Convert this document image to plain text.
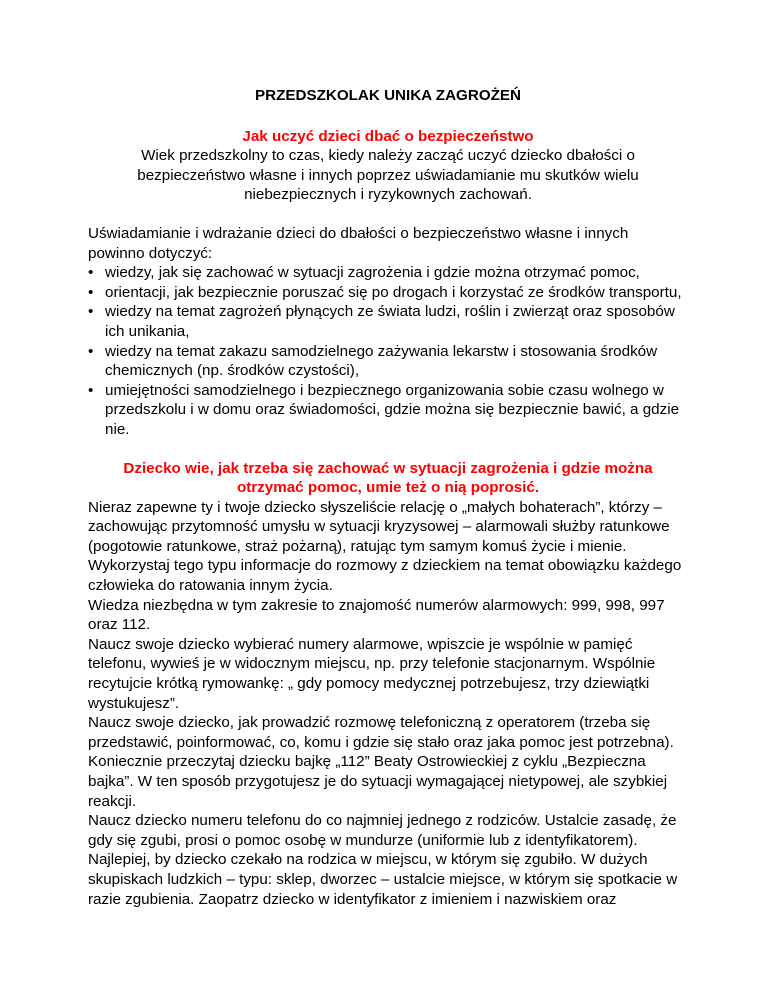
PRZEDSZKOLAK UNIKA ZAGROŻEŃ

Jak uczyć dzieci dbać o bezpieczeństwo

Wiek przedszkolny to czas, kiedy należy zacząć uczyć dziecko dbałości o bezpieczeństwo własne i innych poprzez uświadamianie mu skutków wielu niebezpiecznych i ryzykownych zachowań.

Uświadamianie i wdrażanie dzieci do dbałości o bezpieczeństwo własne i innych powinno dotyczyć:

• wiedzy, jak się zachować w sytuacji zagrożenia i gdzie można otrzymać pomoc,
• orientacji, jak bezpiecznie poruszać się po drogach i korzystać ze środków transportu,
• wiedzy na temat zagrożeń płynących ze świata ludzi, roślin i zwierząt oraz sposobów ich unikania,
• wiedzy na temat zakazu samodzielnego zażywania lekarstw i stosowania środków chemicznych (np. środków czystości),
• umiejętności samodzielnego i bezpiecznego organizowania sobie czasu wolnego w przedszkolu i w domu oraz świadomości, gdzie można się bezpiecznie bawić, a gdzie nie.

Dziecko wie, jak trzeba się zachować w sytuacji zagrożenia i gdzie można otrzymać pomoc, umie też o nią poprosić.

Nieraz zapewne ty i twoje dziecko słyszeliście relację o „małych bohaterach”, którzy – zachowując przytomność umysłu w sytuacji kryzysowej – alarmowali służby ratunkowe (pogotowie ratunkowe, straż pożarną), ratując tym samym komuś życie i mienie. Wykorzystaj tego typu informacje do rozmowy z dzieckiem na temat obowiązku każdego człowieka do ratowania innym życia.

Wiedza niezbędna w tym zakresie to znajomość numerów alarmowych: 999, 998, 997 oraz 112.

Naucz swoje dziecko wybierać numery alarmowe, wpiszcie je wspólnie w pamięć telefonu, wywieś je w widocznym miejscu, np. przy telefonie stacjonarnym. Wspólnie recytujcie krótką rymowankę: „ gdy pomocy medycznej potrzebujesz, trzy dziewiątki wystukujesz”.

Naucz swoje dziecko, jak prowadzić rozmowę telefoniczną z operatorem (trzeba się przedstawić, poinformować, co, komu i gdzie się stało oraz jaka pomoc jest potrzebna).

Koniecznie przeczytaj dziecku bajkę „112” Beaty Ostrowieckiej z cyklu „Bezpieczna bajka”. W ten sposób przygotujesz je do sytuacji wymagającej nietypowej, ale szybkiej reakcji.

Naucz dziecko numeru telefonu do co najmniej jednego z rodziców. Ustalcie zasadę, że gdy się zgubi, prosi o pomoc osobę w mundurze (uniformie lub z identyfikatorem). Najlepiej, by dziecko czekało na rodzica w miejscu, w którym się zgubiło. W dużych skupiskach ludzkich – typu: sklep, dworzec – ustalcie miejsce, w którym się spotkacie w razie zgubienia. Zaopatrz dziecko w identyfikator z imieniem i nazwiskiem oraz
